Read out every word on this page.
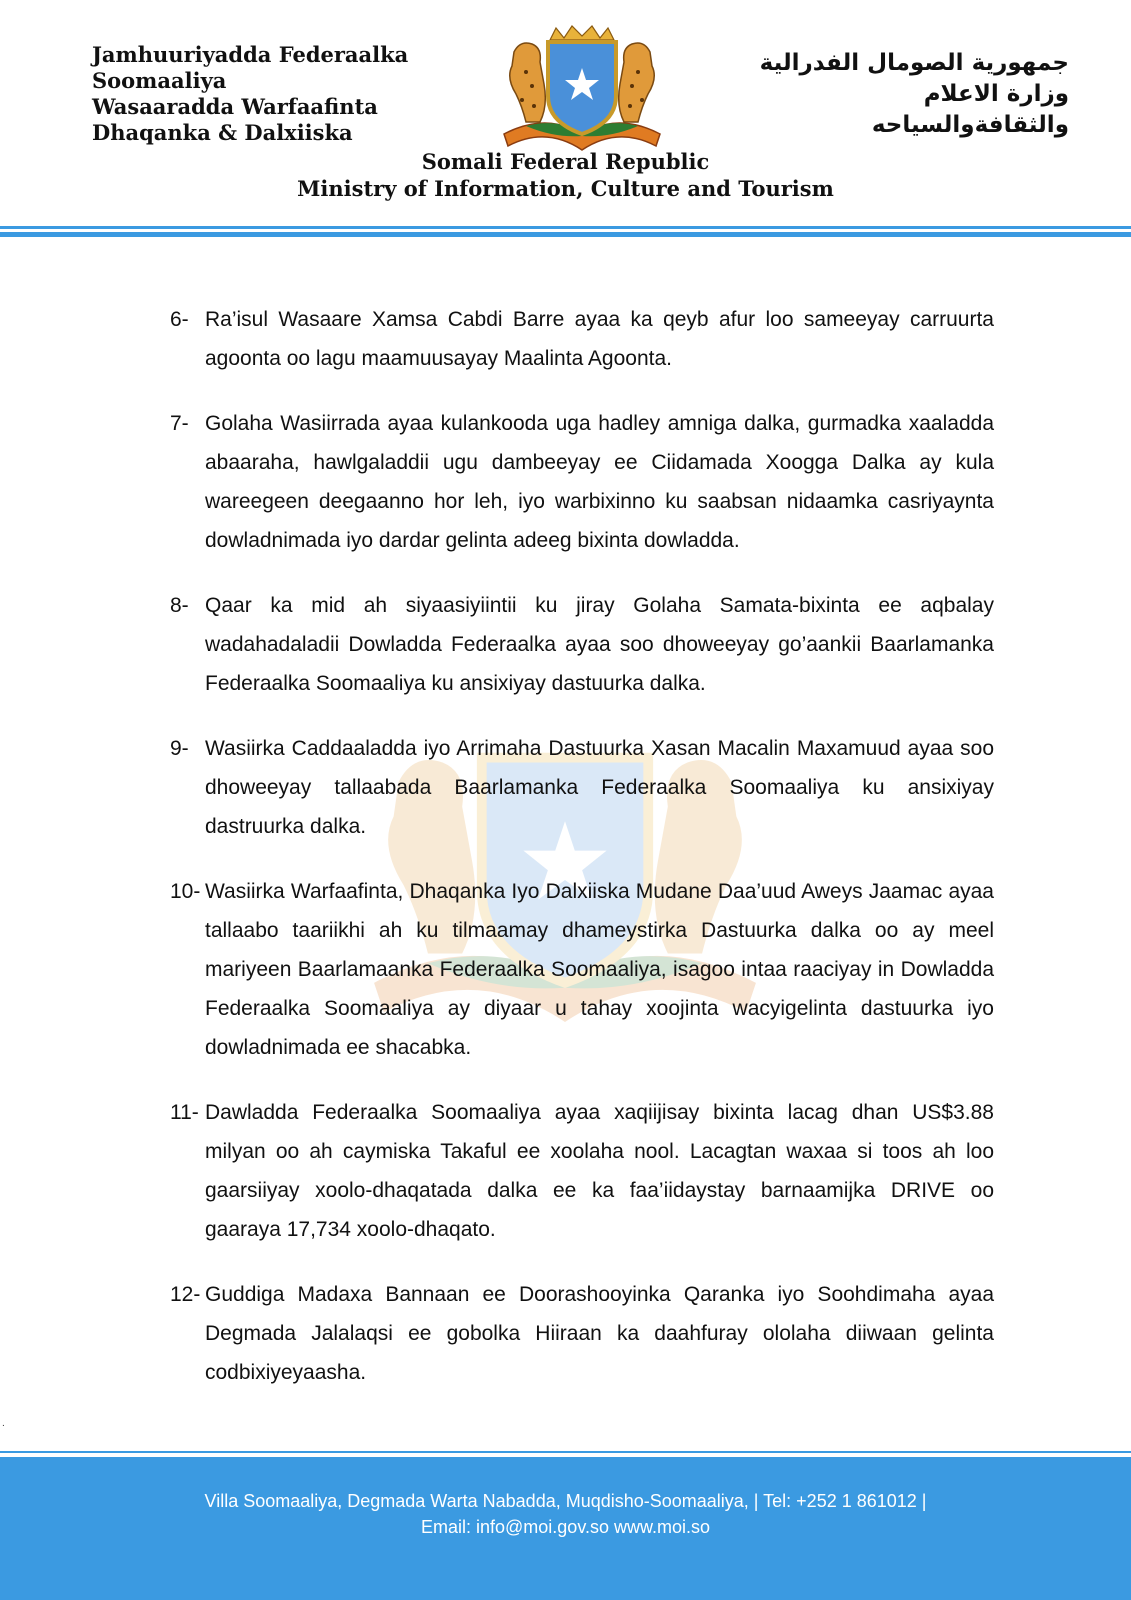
Jamhuuriyadda Federaalka
Soomaaliya
Wasaaradda Warfaafinta
Dhaqanka & Dalxiiska
جمهورية الصومال الفدرالية
وزارة الاعلام
والثقافةوالسياحه
Somali Federal Republic
Ministry of Information, Culture and Tourism
6- Ra’isul Wasaare Xamsa Cabdi Barre ayaa ka qeyb afur loo sameeyay carruurta agoonta oo lagu maamuusayay Maalinta Agoonta.
7- Golaha Wasiirrada ayaa kulankooda uga hadley amniga dalka, gurmadka xaaladda abaaraha, hawlgaladdii ugu dambeeyay ee Ciidamada Xoogga Dalka ay kula wareegeen deegaanno hor leh, iyo warbixinno ku saabsan nidaamka casriyaynta dowladnimada iyo dardar gelinta adeeg bixinta dowladda.
8- Qaar ka mid ah siyaasiyiintii ku jiray Golaha Samata-bixinta ee aqbalay wadahadaladii Dowladda Federaalka ayaa soo dhoweeyay go’aankii Baarlamanka Federaalka Soomaaliya ku ansixiyay dastuurka dalka.
9- Wasiirka Caddaaladda iyo Arrimaha Dastuurka Xasan Macalin Maxamuud ayaa soo dhoweeyay tallaabada Baarlamanka Federaalka Soomaaliya ku ansixiyay dastruurka dalka.
10- Wasiirka Warfaafinta, Dhaqanka Iyo Dalxiiska Mudane Daa’uud Aweys Jaamac ayaa tallaabo taariikhi ah ku tilmaamay dhameystirka Dastuurka dalka oo ay meel mariyeen Baarlamaanka Federaalka Soomaaliya, isagoo intaa raaciyay in Dowladda Federaalka Soomaaliya ay diyaar u tahay xoojinta wacyigelinta dastuurka iyo dowladnimada ee shacabka.
11- Dawladda Federaalka Soomaaliya ayaa xaqiijisay bixinta lacag dhan US$3.88 milyan oo ah caymiska Takaful ee xoolaha nool. Lacagtan waxaa si toos ah loo gaarsiiyay xoolo-dhaqatada dalka ee ka faa’iidaystay barnaamijka DRIVE oo gaaraya 17,734 xoolo-dhaqato.
12- Guddiga Madaxa Bannaan ee Doorashooyinka Qaranka iyo Soohdimaha ayaa Degmada Jalalaqsi ee gobolka Hiiraan ka daahfuray ololaha diiwaan gelinta codbixiyeyaasha.
.
Villa Soomaaliya, Degmada Warta Nabadda, Muqdisho-Soomaaliya, | Tel: +252 1 861012 |
Email: info@moi.gov.so www.moi.so
